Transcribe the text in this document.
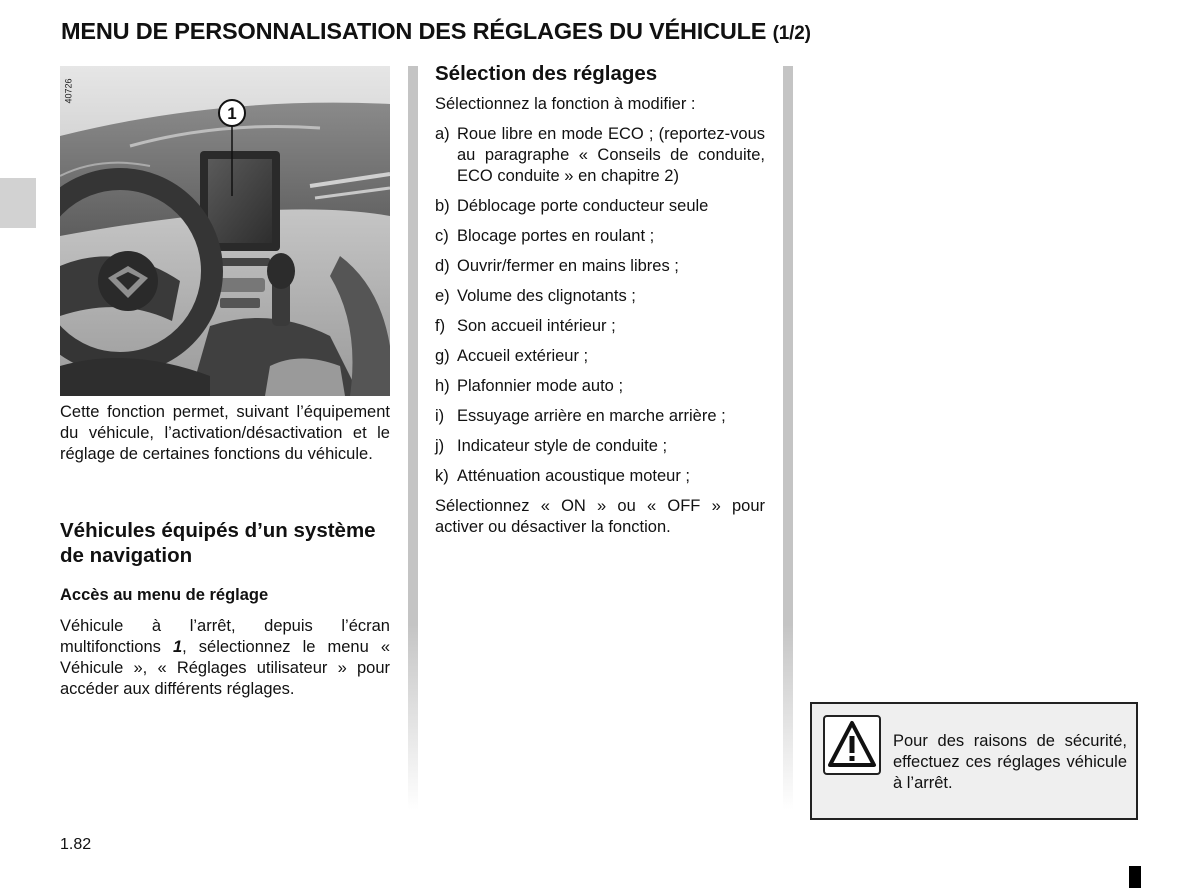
MENU DE PERSONNALISATION DES RÉGLAGES DU VÉHICULE (1/2)
40726
1

Cette fonction permet, suivant l’équipement du véhicule, l’activation/désactivation et le réglage de certaines fonctions du véhicule.

Véhicules équipés d’un système de navigation
Accès au menu de réglage

Véhicule à l’arrêt, depuis l’écran multifonctions 1, sélectionnez le menu « Véhicule », « Réglages utilisateur » pour accéder aux différents réglages.

Sélection des réglages

Sélectionnez la fonction à modifier :

a) Roue libre en mode ECO ; (reportez-vous au paragraphe « Conseils de conduite, ECO conduite » en chapitre 2)
b) Déblocage porte conducteur seule
c) Blocage portes en roulant ;
d) Ouvrir/fermer en mains libres ;
e) Volume des clignotants ;
f) Son accueil intérieur ;
g) Accueil extérieur ;
h) Plafonnier mode auto ;
i) Essuyage arrière en marche arrière ;
j) Indicateur style de conduite ;
k) Atténuation acoustique moteur ;

Sélectionnez « ON » ou « OFF » pour activer ou désactiver la fonction.

Pour des raisons de sécurité, effectuez ces réglages véhicule à l’arrêt.

1.82
